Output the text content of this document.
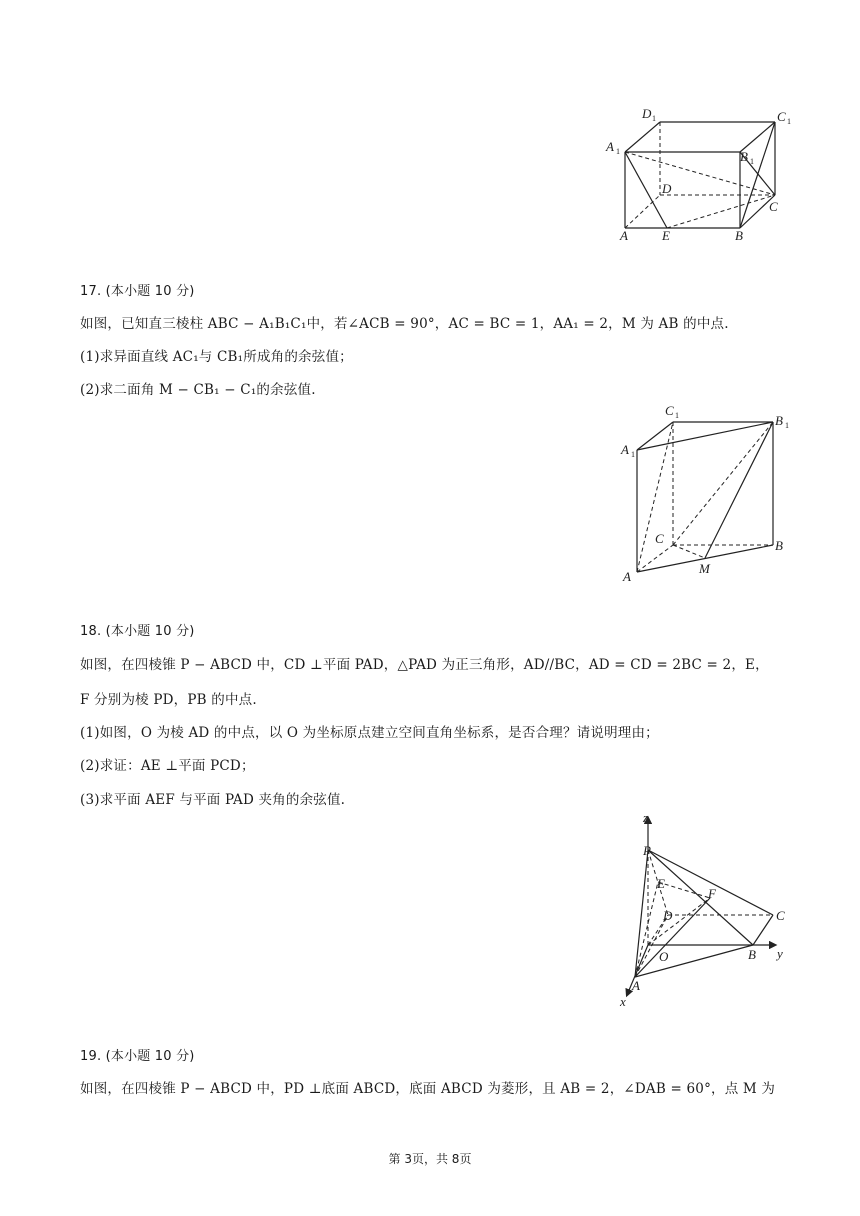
D 1	C 1
A 1	B 1
D
C
A	E	B
17. (本小题 10 分)
如图，已知直三棱柱 ABC − A₁B₁C₁中，若∠ACB = 90°，AC = BC = 1，AA₁ = 2，M 为 AB 的中点.
(1)求异面直线 AC₁与 CB₁所成角的余弦值；
(2)求二面角 M − CB₁ − C₁的余弦值.
C 1	B 1
A 1
C	B
A
M
18. (本小题 10 分)
如图，在四棱锥 P − ABCD 中，CD ⊥平面 PAD，△PAD 为正三角形，AD//BC，AD = CD = 2BC = 2，E，
F 分别为棱 PD，PB 的中点.
(1)如图，O 为棱 AD 的中点，以 O 为坐标原点建立空间直角坐标系，是否合理？请说明理由；
(2)求证：AE ⊥平面 PCD；
(3)求平面 AEF 与平面 PAD 夹角的余弦值.
z
P
E
F
D	C
O	B y
A
x
19. (本小题 10 分)
如图，在四棱锥 P − ABCD 中，PD ⊥底面 ABCD，底面 ABCD 为菱形，且 AB = 2，∠DAB = 60°，点 M 为
第 3页，共 8页
